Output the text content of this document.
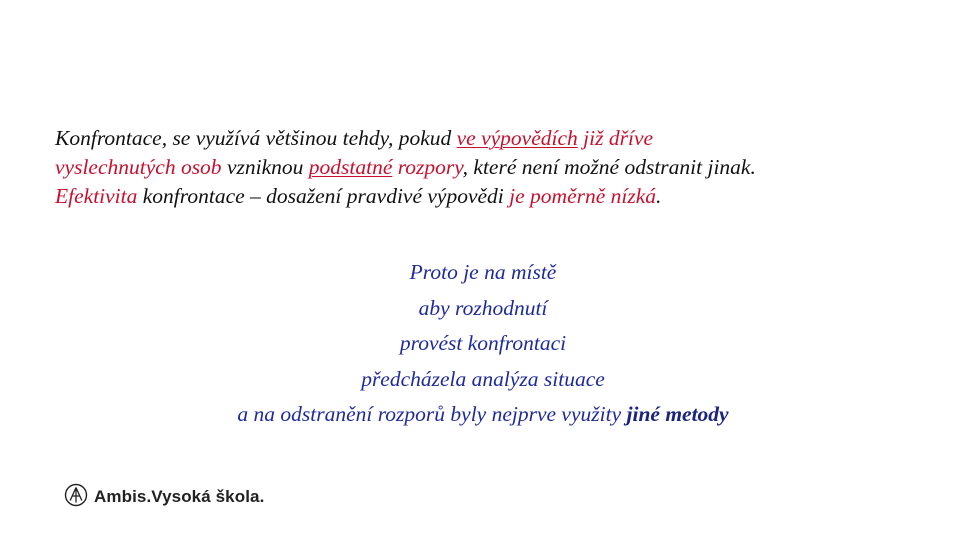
Konfrontace, se využívá většinou tehdy, pokud ve výpovědích již dříve
vyslechnutých osob vzniknou podstatné rozpory, které není možné odstranit jinak.
Efektivita konfrontace – dosažení pravdivé výpovědi je poměrně nízká.
Proto je na místě
aby rozhodnutí
provést konfrontaci
předcházela analýza situace
a na odstranění rozporů byly nejprve využity jiné metody
Ambis.Vysoká škola.
